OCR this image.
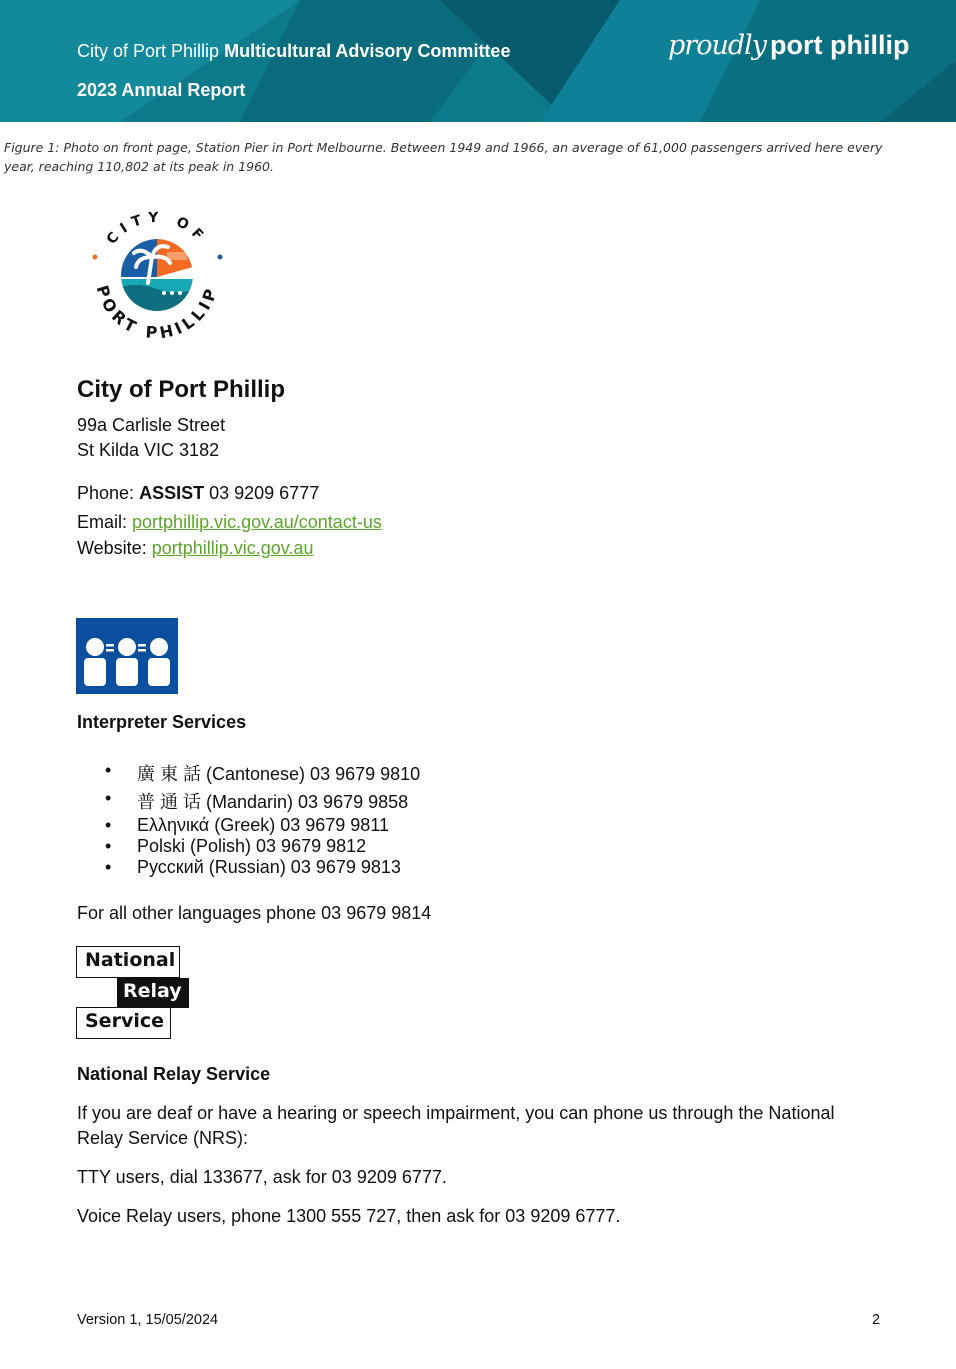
City of Port Phillip Multicultural Advisory Committee
2023 Annual Report
proudly port phillip
Figure 1: Photo on front page, Station Pier in Port Melbourne. Between 1949 and 1966, an average of 61,000 passengers arrived here every year, reaching 110,802 at its peak in 1960.
CITY OF
PORT PHILLIP
City of Port Phillip
99a Carlisle Street
St Kilda VIC 3182
Phone: ASSIST 03 9209 6777
Email: portphillip.vic.gov.au/contact-us
Website: portphillip.vic.gov.au
Interpreter Services
• 廣 東 話 (Cantonese) 03 9679 9810
• 普 通 话 (Mandarin) 03 9679 9858
• Ελληνικά (Greek) 03 9679 9811
• Polski (Polish) 03 9679 9812
• Русский (Russian) 03 9679 9813
For all other languages phone 03 9679 9814
National
Relay
Service
National Relay Service
If you are deaf or have a hearing or speech impairment, you can phone us through the National Relay Service (NRS):
TTY users, dial 133677, ask for 03 9209 6777.
Voice Relay users, phone 1300 555 727, then ask for 03 9209 6777.
Version 1, 15/05/2024	2
